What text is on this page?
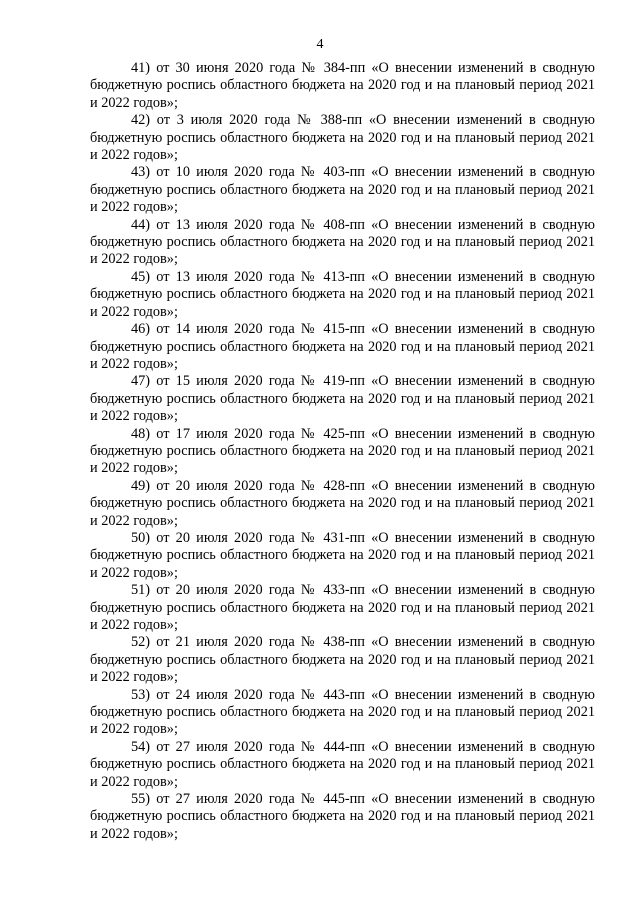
4

41) от 30 июня 2020 года № 384-пп «О внесении изменений в сводную бюджетную роспись областного бюджета на 2020 год и на плановый период 2021 и 2022 годов»;

42) от 3 июля 2020 года № 388-пп «О внесении изменений в сводную бюджетную роспись областного бюджета на 2020 год и на плановый период 2021 и 2022 годов»;

43) от 10 июля 2020 года № 403-пп «О внесении изменений в сводную бюджетную роспись областного бюджета на 2020 год и на плановый период 2021 и 2022 годов»;

44) от 13 июля 2020 года № 408-пп «О внесении изменений в сводную бюджетную роспись областного бюджета на 2020 год и на плановый период 2021 и 2022 годов»;

45) от 13 июля 2020 года № 413-пп «О внесении изменений в сводную бюджетную роспись областного бюджета на 2020 год и на плановый период 2021 и 2022 годов»;

46) от 14 июля 2020 года № 415-пп «О внесении изменений в сводную бюджетную роспись областного бюджета на 2020 год и на плановый период 2021 и 2022 годов»;

47) от 15 июля 2020 года № 419-пп «О внесении изменений в сводную бюджетную роспись областного бюджета на 2020 год и на плановый период 2021 и 2022 годов»;

48) от 17 июля 2020 года № 425-пп «О внесении изменений в сводную бюджетную роспись областного бюджета на 2020 год и на плановый период 2021 и 2022 годов»;

49) от 20 июля 2020 года № 428-пп «О внесении изменений в сводную бюджетную роспись областного бюджета на 2020 год и на плановый период 2021 и 2022 годов»;

50) от 20 июля 2020 года № 431-пп «О внесении изменений в сводную бюджетную роспись областного бюджета на 2020 год и на плановый период 2021 и 2022 годов»;

51) от 20 июля 2020 года № 433-пп «О внесении изменений в сводную бюджетную роспись областного бюджета на 2020 год и на плановый период 2021 и 2022 годов»;

52) от 21 июля 2020 года № 438-пп «О внесении изменений в сводную бюджетную роспись областного бюджета на 2020 год и на плановый период 2021 и 2022 годов»;

53) от 24 июля 2020 года № 443-пп «О внесении изменений в сводную бюджетную роспись областного бюджета на 2020 год и на плановый период 2021 и 2022 годов»;

54) от 27 июля 2020 года № 444-пп «О внесении изменений в сводную бюджетную роспись областного бюджета на 2020 год и на плановый период 2021 и 2022 годов»;

55) от 27 июля 2020 года № 445-пп «О внесении изменений в сводную бюджетную роспись областного бюджета на 2020 год и на плановый период 2021 и 2022 годов»;
